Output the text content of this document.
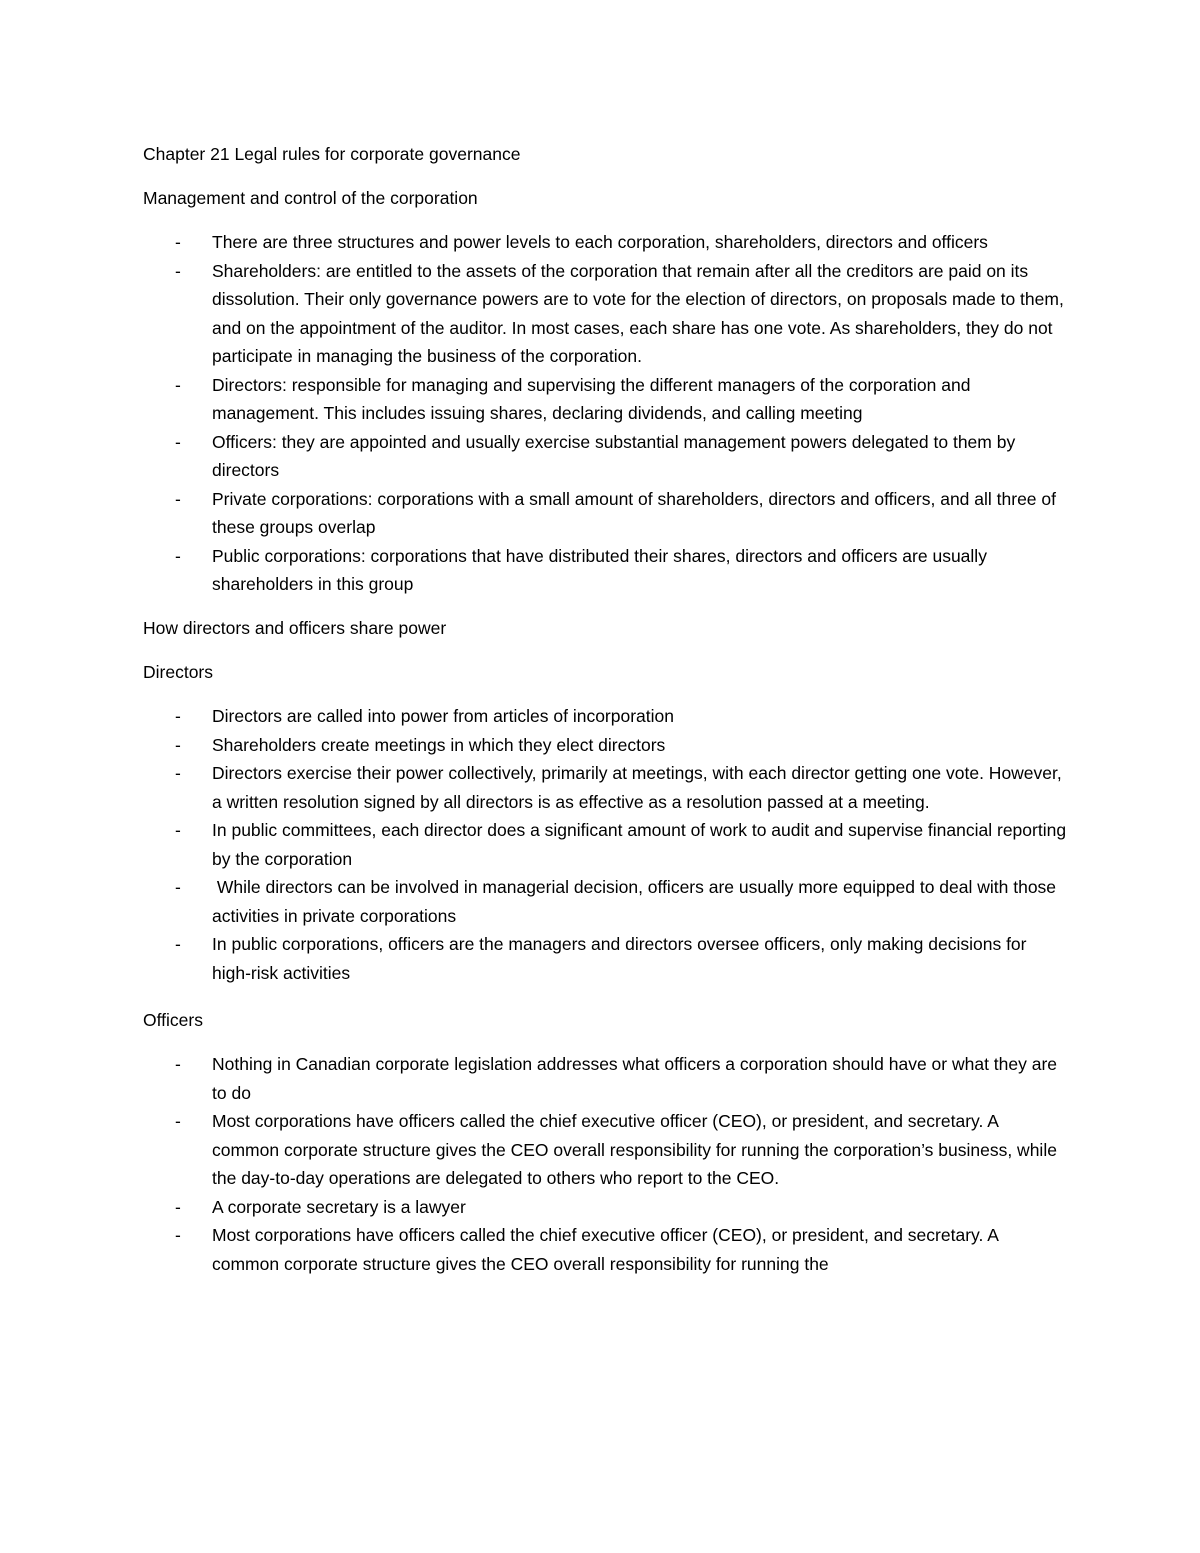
Chapter 21 Legal rules for corporate governance

Management and control of the corporation

- There are three structures and power levels to each corporation, shareholders, directors and officers
- Shareholders: are entitled to the assets of the corporation that remain after all the creditors are paid on its dissolution. Their only governance powers are to vote for the election of directors, on proposals made to them, and on the appointment of the auditor. In most cases, each share has one vote. As shareholders, they do not participate in managing the business of the corporation.
- Directors: responsible for managing and supervising the different managers of the corporation and management. This includes issuing shares, declaring dividends, and calling meeting
- Officers: they are appointed and usually exercise substantial management powers delegated to them by directors
- Private corporations: corporations with a small amount of shareholders, directors and officers, and all three of these groups overlap
- Public corporations: corporations that have distributed their shares, directors and officers are usually shareholders in this group

How directors and officers share power

Directors

- Directors are called into power from articles of incorporation
- Shareholders create meetings in which they elect directors
- Directors exercise their power collectively, primarily at meetings, with each director getting one vote. However, a written resolution signed by all directors is as effective as a resolution passed at a meeting.
- In public committees, each director does a significant amount of work to audit and supervise financial reporting by the corporation
- While directors can be involved in managerial decision, officers are usually more equipped to deal with those activities in private corporations
- In public corporations, officers are the managers and directors oversee officers, only making decisions for high-risk activities

Officers

- Nothing in Canadian corporate legislation addresses what officers a corporation should have or what they are to do
- Most corporations have officers called the chief executive officer (CEO), or president, and secretary. A common corporate structure gives the CEO overall responsibility for running the corporation’s business, while the day-to-day operations are delegated to others who report to the CEO.
- A corporate secretary is a lawyer
- Most corporations have officers called the chief executive officer (CEO), or president, and secretary. A common corporate structure gives the CEO overall responsibility for running the
